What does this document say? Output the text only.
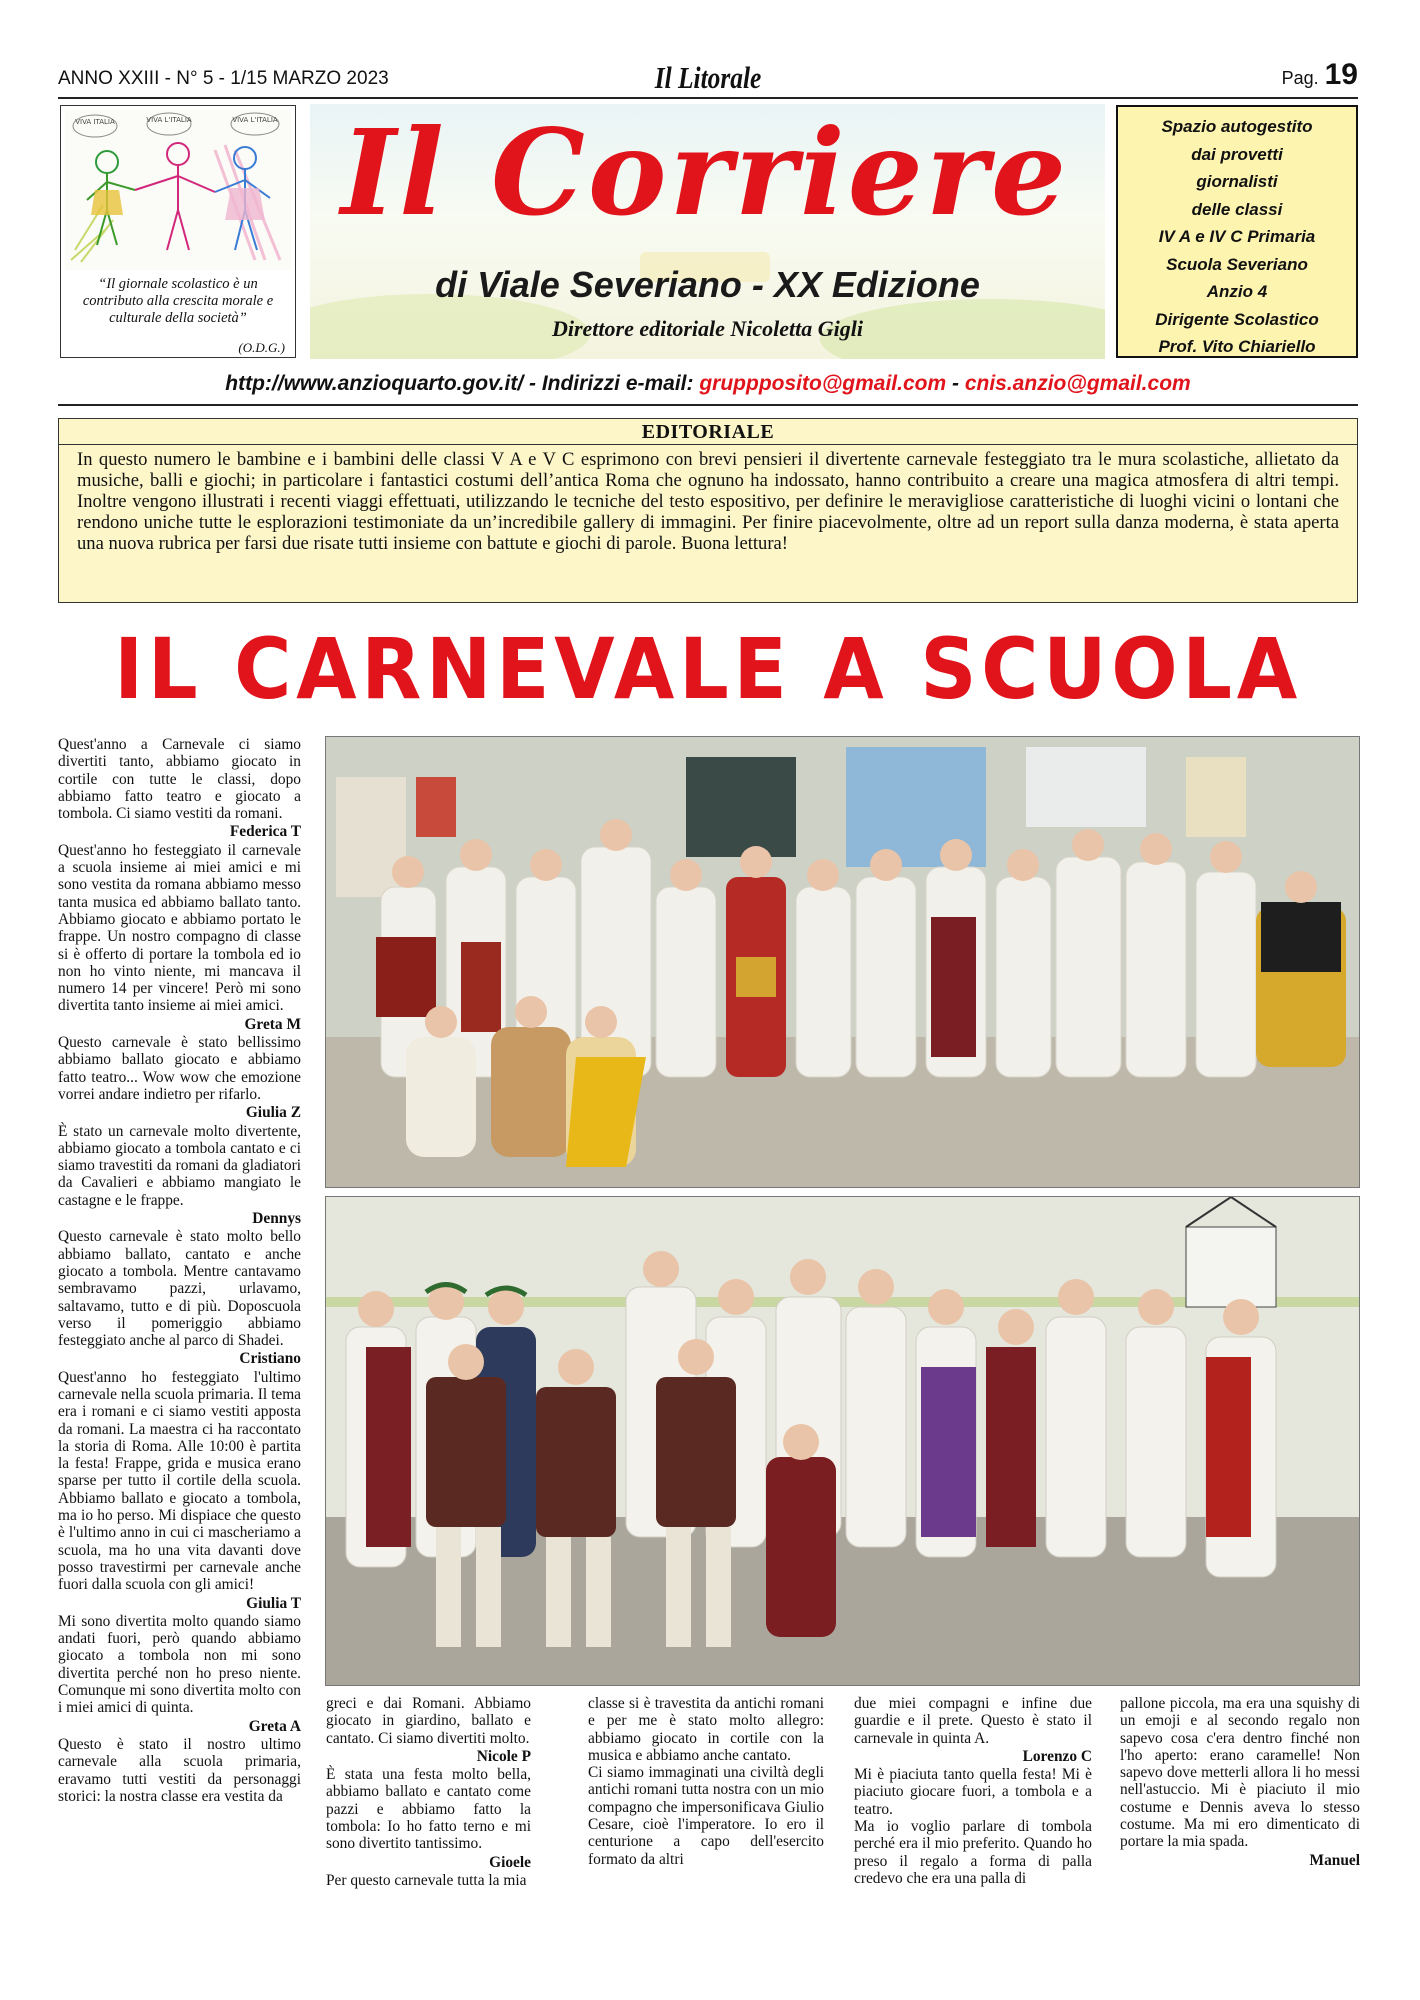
ANNO XXIII - N° 5 - 1/15 MARZO 2023	Il Litorale	Pag. 19
VIVA ITALIA	VIVA L'ITALIA	VIVA L'ITALIA
“Il giornale scolastico è un contributo alla crescita morale e culturale della società”
(O.D.G.)
Il Corriere
di Viale Severiano - XX Edizione
Direttore editoriale Nicoletta Gigli
Spazio autogestito
dai provetti
giornalisti
delle classi
IV A e IV C Primaria
Scuola Severiano
Anzio 4
Dirigente Scolastico
Prof. Vito Chiariello
http://www.anzioquarto.gov.it/ - Indirizzi e-mail: gruppposito@gmail.com - cnis.anzio@gmail.com
EDITORIALE
In questo numero le bambine e i bambini delle classi V A e V C esprimono con brevi pensieri il divertente carnevale festeggiato tra le mura scolastiche, allietato da musiche, balli e giochi; in particolare i fantastici costumi dell’antica Roma che ognuno ha indossato, hanno contribuito a creare una magica atmosfera di altri tempi. Inoltre vengono illustrati i recenti viaggi effettuati, utilizzando le tecniche del testo espositivo, per definire le meravigliose caratteristiche di luoghi vicini o lontani che rendono uniche tutte le esplorazioni testimoniate da un’incredibile gallery di immagini. Per finire piacevolmente, oltre ad un report sulla danza moderna, è stata aperta una nuova rubrica per farsi due risate tutti insieme con battute e giochi di parole. Buona lettura!
IL CARNEVALE A SCUOLA

Quest'anno a Carnevale ci siamo divertiti tanto, abbiamo giocato in cortile con tutte le classi, dopo abbiamo fatto teatro e giocato a tombola. Ci siamo vestiti da romani.

Federica T

Quest'anno ho festeggiato il carnevale a scuola insieme ai miei amici e mi sono vestita da romana abbiamo messo tanta musica ed abbiamo ballato tanto. Abbiamo giocato e abbiamo portato le frappe. Un nostro compagno di classe si è offerto di portare la tombola ed io non ho vinto niente, mi mancava il numero 14 per vincere! Però mi sono divertita tanto insieme ai miei amici.

Greta M

Questo carnevale è stato bellissimo abbiamo ballato giocato e abbiamo fatto teatro... Wow wow che emozione vorrei andare indietro per rifarlo.

Giulia Z

È stato un carnevale molto divertente, abbiamo giocato a tombola cantato e ci siamo travestiti da romani da gladiatori da Cavalieri e abbiamo mangiato le castagne e le frappe.

Dennys

Questo carnevale è stato molto bello abbiamo ballato, cantato e anche giocato a tombola. Mentre cantavamo sembravamo pazzi, urlavamo, saltavamo, tutto e di più. Doposcuola verso il pomeriggio abbiamo festeggiato anche al parco di Shadei.

Cristiano

Quest'anno ho festeggiato l'ultimo carnevale nella scuola primaria. Il tema era i romani e ci siamo vestiti apposta da romani. La maestra ci ha raccontato la storia di Roma. Alle 10:00 è partita la festa! Frappe, grida e musica erano sparse per tutto il cortile della scuola. Abbiamo ballato e giocato a tombola, ma io ho perso. Mi dispiace che questo è l'ultimo anno in cui ci mascheriamo a scuola, ma ho una vita davanti dove posso travestirmi per carnevale anche fuori dalla scuola con gli amici!

Giulia T

Mi sono divertita molto quando siamo andati fuori, però quando abbiamo giocato a tombola non mi sono divertita perché non ho preso niente. Comunque mi sono divertita molto con i miei amici di quinta.

Greta A

Questo è stato il nostro ultimo carnevale alla scuola primaria, eravamo tutti vestiti da personaggi storici: la nostra classe era vestita da

greci e dai Romani. Abbiamo giocato in giardino, ballato e cantato. Ci siamo divertiti molto.

Nicole P

È stata una festa molto bella, abbiamo ballato e cantato come pazzi e abbiamo fatto la tombola: Io ho fatto terno e mi sono divertito tantissimo.

Gioele

Per questo carnevale tutta la mia

classe si è travestita da antichi romani e per me è stato molto allegro: abbiamo giocato in cortile con la musica e abbiamo anche cantato.

Ci siamo immaginati una civiltà degli antichi romani tutta nostra con un mio compagno che impersonificava Giulio Cesare, cioè l'imperatore. Io ero il centurione a capo dell'esercito formato da altri

due miei compagni e infine due guardie e il prete. Questo è stato il carnevale in quinta A.

Lorenzo C

Mi è piaciuta tanto quella festa! Mi è piaciuto giocare fuori, a tombola e a teatro.

Ma io voglio parlare di tombola perché era il mio preferito. Quando ho preso il regalo a forma di palla credevo che era una palla di

pallone piccola, ma era una squishy di un emoji e al secondo regalo non sapevo cosa c'era dentro finché non l'ho aperto: erano caramelle! Non sapevo dove metterli allora li ho messi nell'astuccio. Mi è piaciuto il mio costume e Dennis aveva lo stesso costume. Ma mi ero dimenticato di portare la mia spada.

Manuel
